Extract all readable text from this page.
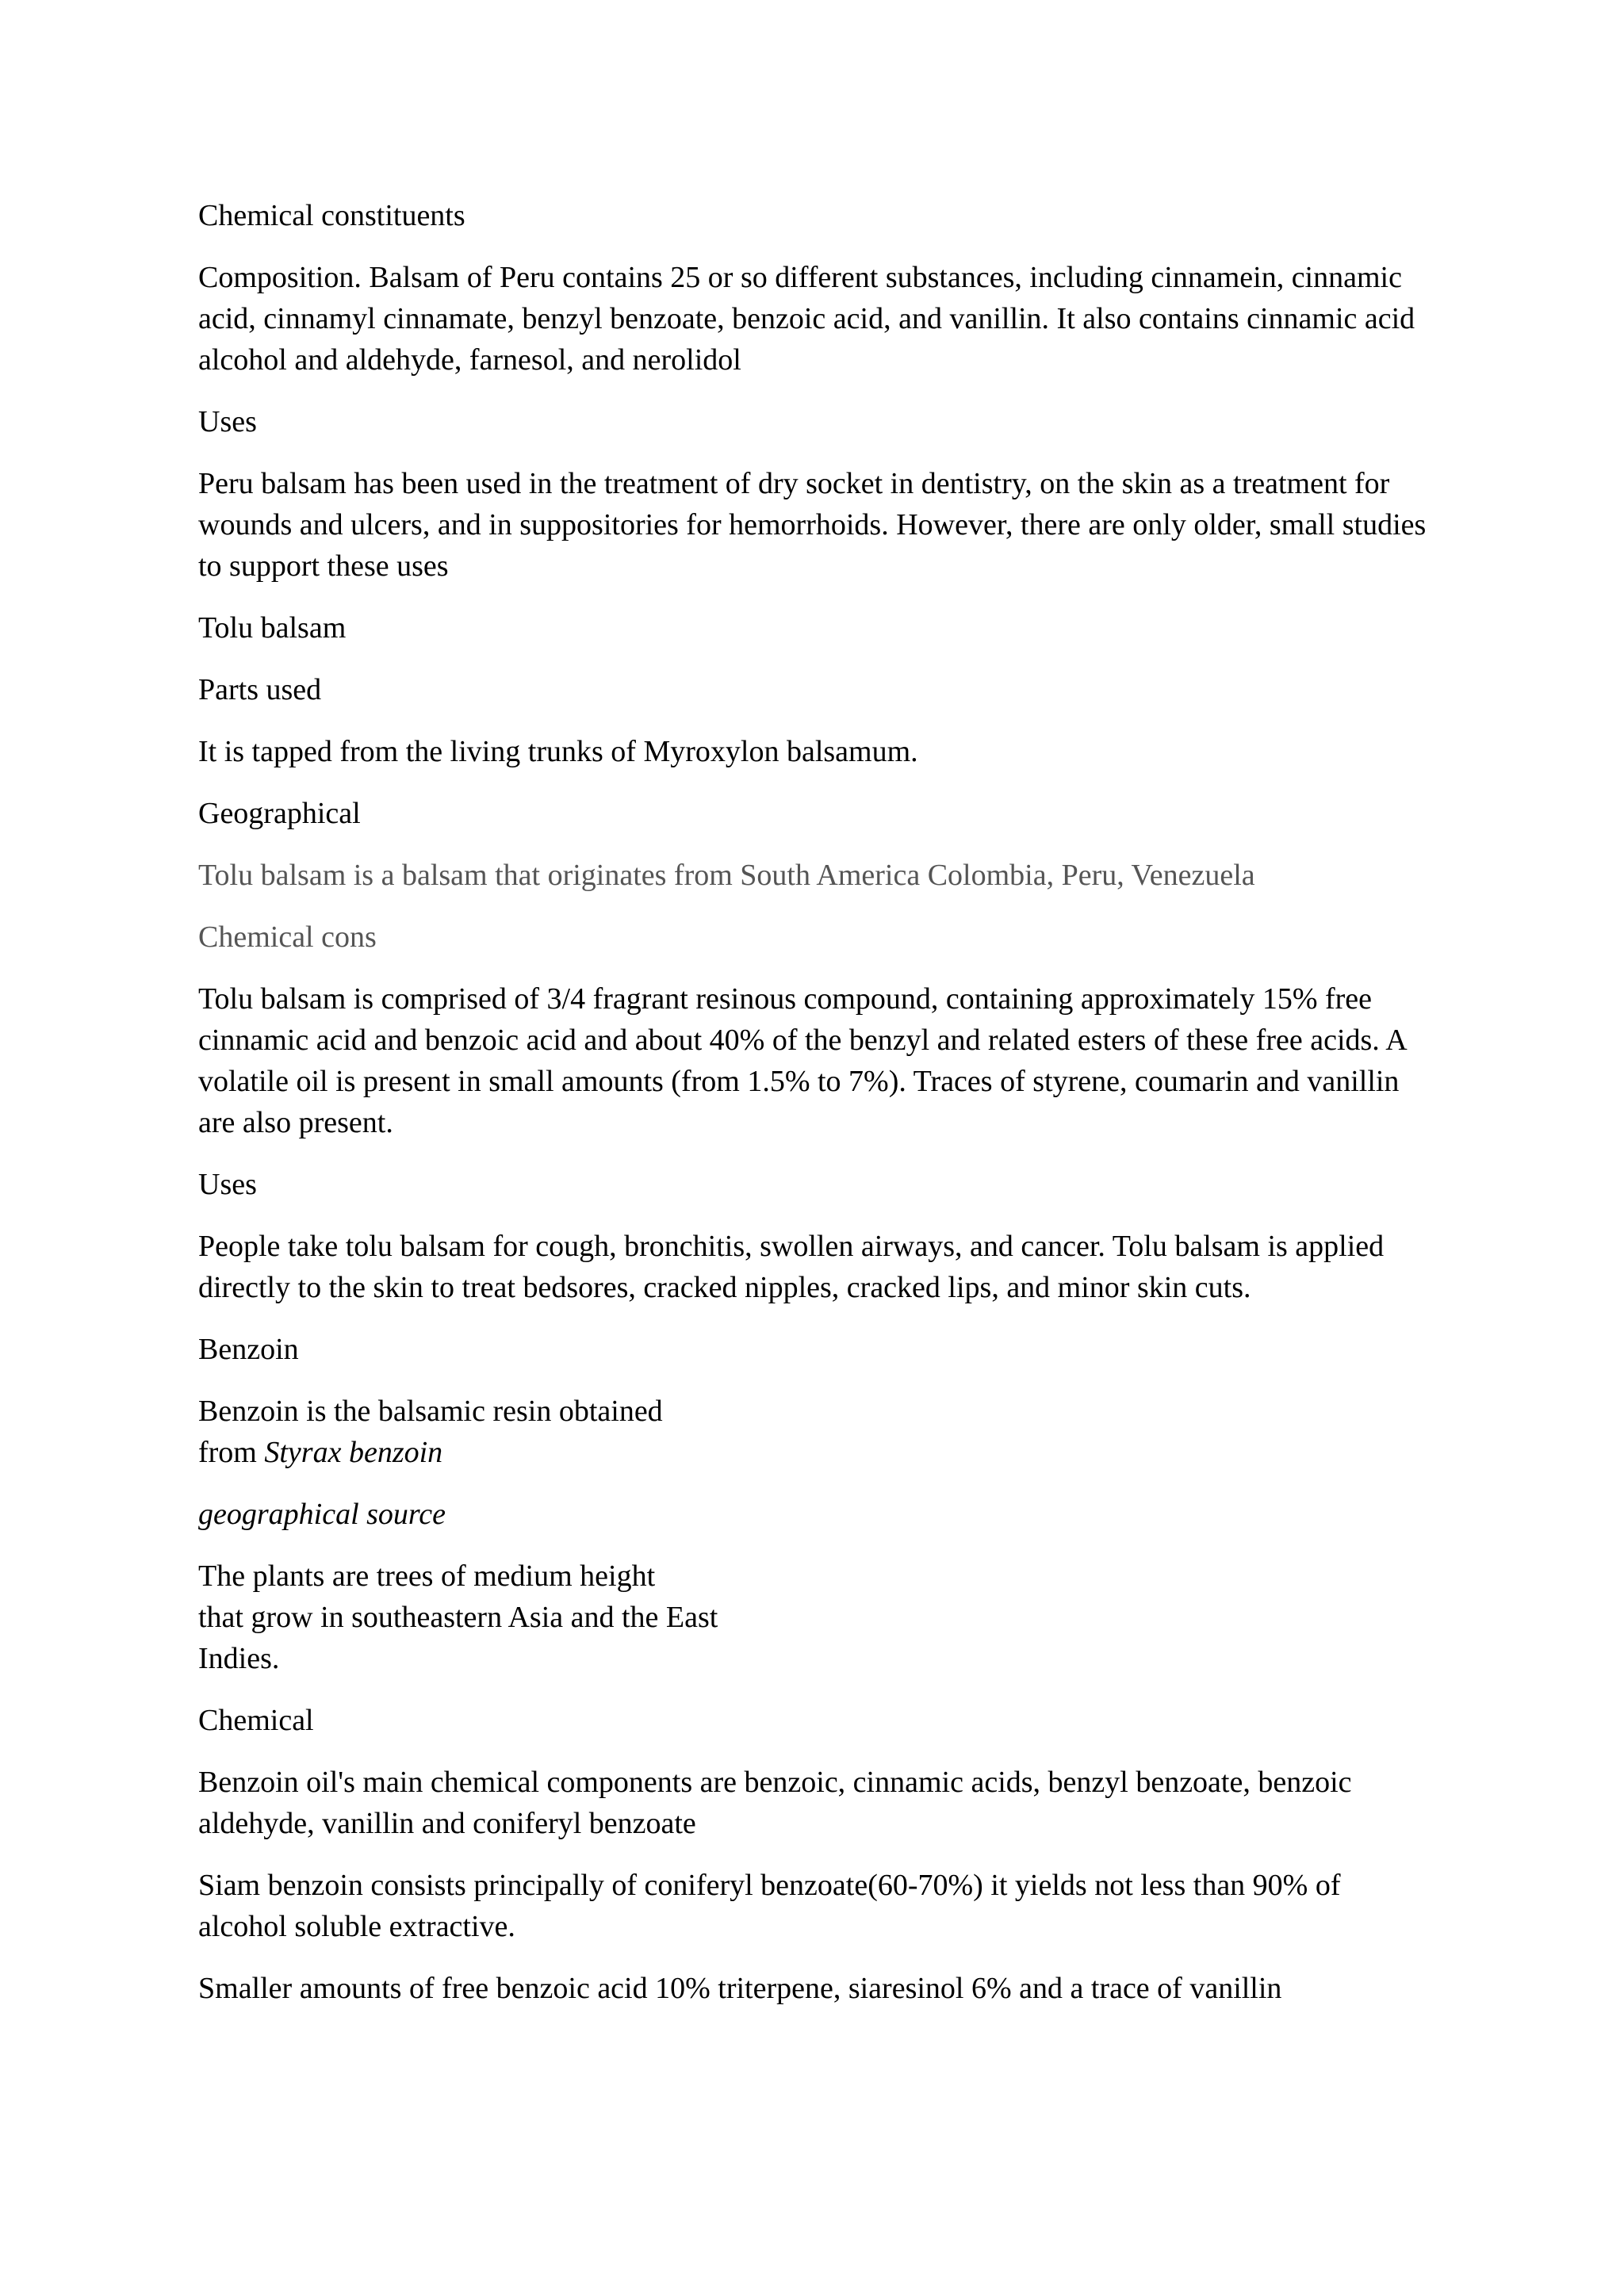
Chemical constituents

Composition. Balsam of Peru contains 25 or so different substances, including cinnamein, cinnamic acid, cinnamyl cinnamate, benzyl benzoate, benzoic acid, and vanillin. It also contains cinnamic acid alcohol and aldehyde, farnesol, and nerolidol

Uses

Peru balsam has been used in the treatment of dry socket in dentistry, on the skin as a treatment for wounds and ulcers, and in suppositories for hemorrhoids. However, there are only older, small studies to support these uses

Tolu balsam

Parts used

It is tapped from the living trunks of Myroxylon balsamum.

Geographical

Tolu balsam is a balsam that originates from South America Colombia, Peru, Venezuela

Chemical cons

Tolu balsam is comprised of 3/4 fragrant resinous compound, containing approximately 15% free cinnamic acid and benzoic acid and about 40% of the benzyl and related esters of these free acids. A volatile oil is present in small amounts (from 1.5% to 7%). Traces of styrene, coumarin and vanillin are also present.

Uses

People take tolu balsam for cough, bronchitis, swollen airways, and cancer. Tolu balsam is applied directly to the skin to treat bedsores, cracked nipples, cracked lips, and minor skin cuts.

Benzoin

Benzoin is the balsamic resin obtained
from Styrax benzoin

geographical source

The plants are trees of medium height
that grow in southeastern Asia and the East
Indies.

Chemical

Benzoin oil's main chemical components are benzoic, cinnamic acids, benzyl benzoate, benzoic aldehyde, vanillin and coniferyl benzoate

Siam benzoin consists principally of coniferyl benzoate(60-70%) it yields not less than 90% of alcohol soluble extractive.

Smaller amounts of free benzoic acid 10% triterpene, siaresinol 6% and a trace of vanillin
